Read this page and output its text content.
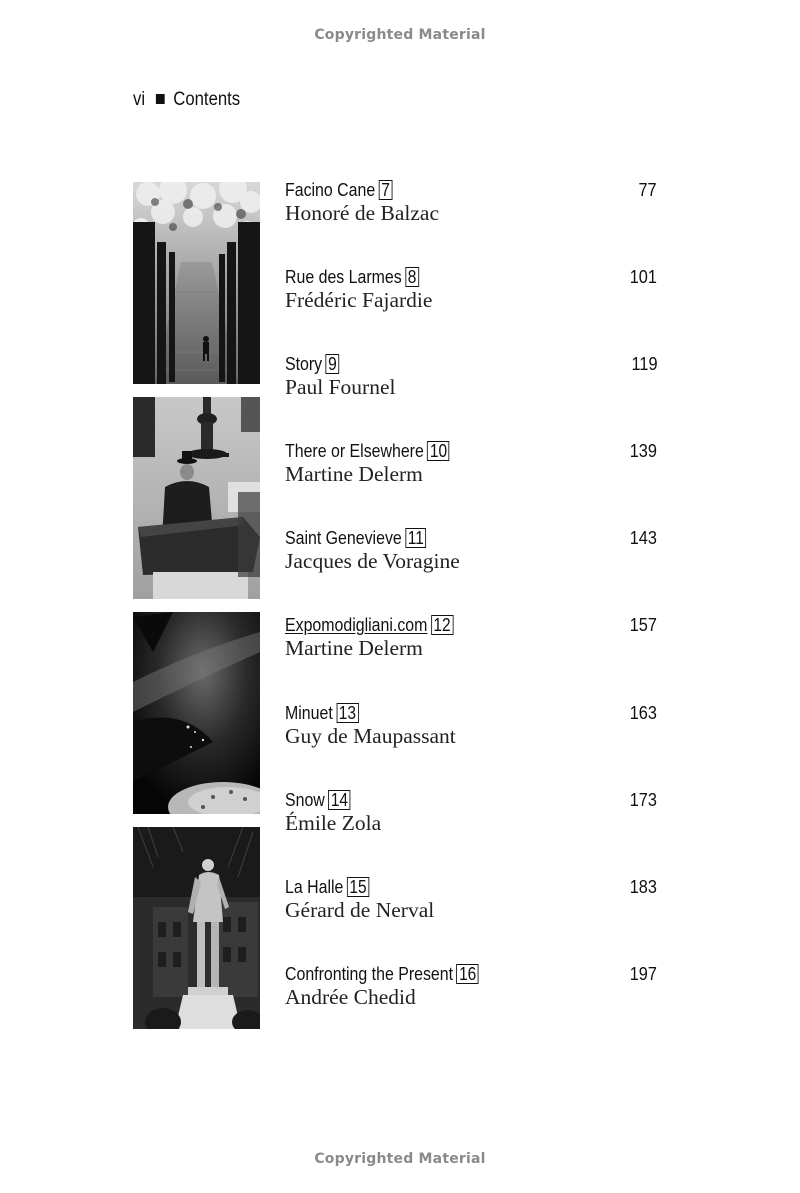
Copyrighted Material
vi Contents
Facino Cane 7
Honoré de Balzac
77
Rue des Larmes 8
Frédéric Fajardie
101
Story 9
Paul Fournel
119
There or Elsewhere 10
Martine Delerm
139
Saint Genevieve 11
Jacques de Voragine
143
Expomodigliani.com 12
Martine Delerm
157
Minuet 13
Guy de Maupassant
163
Snow 14
Émile Zola
173
La Halle 15
Gérard de Nerval
183
Confronting the Present 16
Andrée Chedid
197
Copyrighted Material
